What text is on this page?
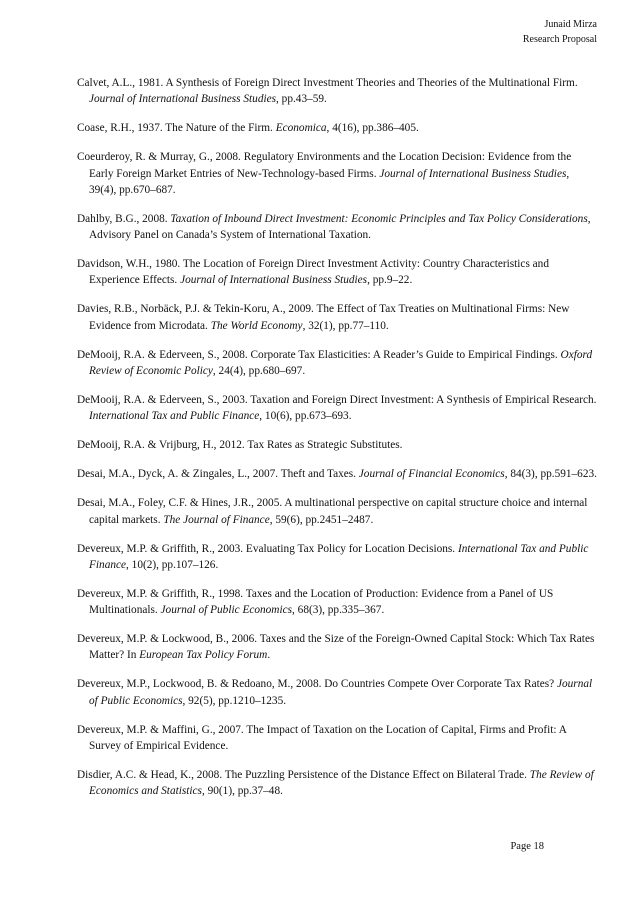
Junaid Mirza
Research Proposal

Calvet, A.L., 1981. A Synthesis of Foreign Direct Investment Theories and Theories of the Multinational Firm. Journal of International Business Studies, pp.43–59.

Coase, R.H., 1937. The Nature of the Firm. Economica, 4(16), pp.386–405.

Coeurderoy, R. & Murray, G., 2008. Regulatory Environments and the Location Decision: Evidence from the Early Foreign Market Entries of New-Technology-based Firms. Journal of International Business Studies, 39(4), pp.670–687.

Dahlby, B.G., 2008. Taxation of Inbound Direct Investment: Economic Principles and Tax Policy Considerations, Advisory Panel on Canada’s System of International Taxation.

Davidson, W.H., 1980. The Location of Foreign Direct Investment Activity: Country Characteristics and Experience Effects. Journal of International Business Studies, pp.9–22.

Davies, R.B., Norbäck, P.J. & Tekin-Koru, A., 2009. The Effect of Tax Treaties on Multinational Firms: New Evidence from Microdata. The World Economy, 32(1), pp.77–110.

DeMooij, R.A. & Ederveen, S., 2008. Corporate Tax Elasticities: A Reader’s Guide to Empirical Findings. Oxford Review of Economic Policy, 24(4), pp.680–697.

DeMooij, R.A. & Ederveen, S., 2003. Taxation and Foreign Direct Investment: A Synthesis of Empirical Research. International Tax and Public Finance, 10(6), pp.673–693.

DeMooij, R.A. & Vrijburg, H., 2012. Tax Rates as Strategic Substitutes.

Desai, M.A., Dyck, A. & Zingales, L., 2007. Theft and Taxes. Journal of Financial Economics, 84(3), pp.591–623.

Desai, M.A., Foley, C.F. & Hines, J.R., 2005. A multinational perspective on capital structure choice and internal capital markets. The Journal of Finance, 59(6), pp.2451–2487.

Devereux, M.P. & Griffith, R., 2003. Evaluating Tax Policy for Location Decisions. International Tax and Public Finance, 10(2), pp.107–126.

Devereux, M.P. & Griffith, R., 1998. Taxes and the Location of Production: Evidence from a Panel of US Multinationals. Journal of Public Economics, 68(3), pp.335–367.

Devereux, M.P. & Lockwood, B., 2006. Taxes and the Size of the Foreign-Owned Capital Stock: Which Tax Rates Matter? In European Tax Policy Forum.

Devereux, M.P., Lockwood, B. & Redoano, M., 2008. Do Countries Compete Over Corporate Tax Rates? Journal of Public Economics, 92(5), pp.1210–1235.

Devereux, M.P. & Maffini, G., 2007. The Impact of Taxation on the Location of Capital, Firms and Profit: A Survey of Empirical Evidence.

Disdier, A.C. & Head, K., 2008. The Puzzling Persistence of the Distance Effect on Bilateral Trade. The Review of Economics and Statistics, 90(1), pp.37–48.

Page 18
